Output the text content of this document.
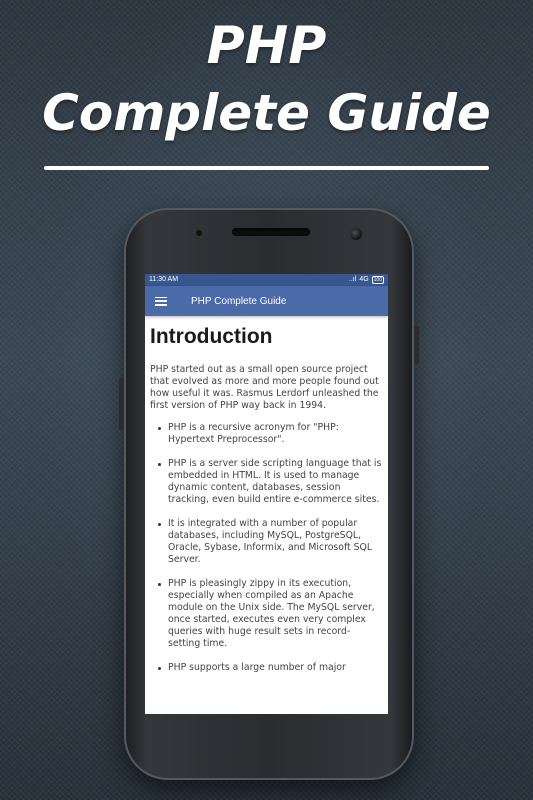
PHP
Complete Guide
11:30 AM	..ıl 4G	100
PHP Complete Guide
Introduction

PHP started out as a small open source project that evolved as more and more people found out how useful it was. Rasmus Lerdorf unleashed the first version of PHP way back in 1994.

PHP is a recursive acronym for "PHP: Hypertext Preprocessor".
PHP is a server side scripting language that is embedded in HTML. It is used to manage dynamic content, databases, session tracking, even build entire e-commerce sites.
It is integrated with a number of popular databases, including MySQL, PostgreSQL, Oracle, Sybase, Informix, and Microsoft SQL Server.
PHP is pleasingly zippy in its execution, especially when compiled as an Apache module on the Unix side. The MySQL server, once started, executes even very complex queries with huge result sets in record-setting time.
PHP supports a large number of major
